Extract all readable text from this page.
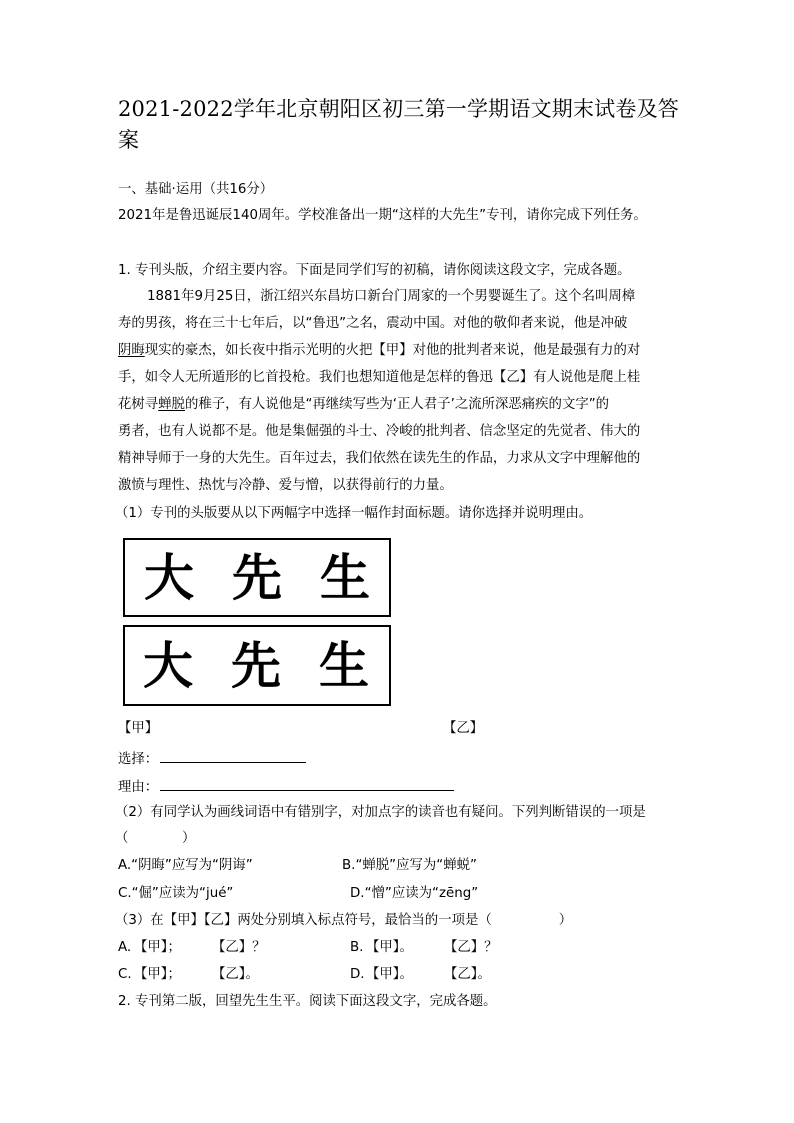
2021-2022学年北京朝阳区初三第一学期语文期末试卷及答案
一、基础·运用（共16分）
2021年是鲁迅诞辰140周年。学校准备出一期“这样的大先生”专刊，请你完成下列任务。
1. 专刊头版，介绍主要内容。下面是同学们写的初稿，请你阅读这段文字，完成各题。
1881年9月25日，浙江绍兴东昌坊口新台门周家的一个男婴诞生了。这个名叫周樟
寿的男孩，将在三十七年后，以“鲁迅”之名，震动中国。对他的敬仰者来说，他是冲破
阴晦现实的豪杰，如长夜中指示光明的火把【甲】对他的批判者来说，他是最强有力的对
手，如令人无所遁形的匕首投枪。我们也想知道他是怎样的鲁迅【乙】有人说他是爬上桂
花树寻蝉脱的稚子，有人说他是“再继续写些为‘正人君子’之流所深恶痛疾的文字”的
勇者，也有人说都不是。他是集倔强的斗士、冷峻的批判者、信念坚定的先觉者、伟大的
精神导师于一身的大先生。百年过去，我们依然在读先生的作品，力求从文字中理解他的
激愤与理性、热忱与冷静、爱与憎，以获得前行的力量。
（1）专刊的头版要从以下两幅字中选择一幅作封面标题。请你选择并说明理由。
大 先 生
大 先 生
【甲】	【乙】
选择：
理由：
（2）有同学认为画线词语中有错别字，对加点字的读音也有疑问。下列判断错误的一项是
（　　　　）
A.“阴晦”应写为“阴诲”	B.“蝉脱”应写为“蝉蜕”
C.“倔”应读为“jué”	D.“憎”应读为“zēng”
（3）在【甲】【乙】两处分别填入标点符号，最恰当的一项是（　　　　　）
A. 【甲】； 【乙】？	B. 【甲】。 【乙】？
C. 【甲】； 【乙】。	D. 【甲】。 【乙】。
2. 专刊第二版，回望先生生平。阅读下面这段文字，完成各题。
